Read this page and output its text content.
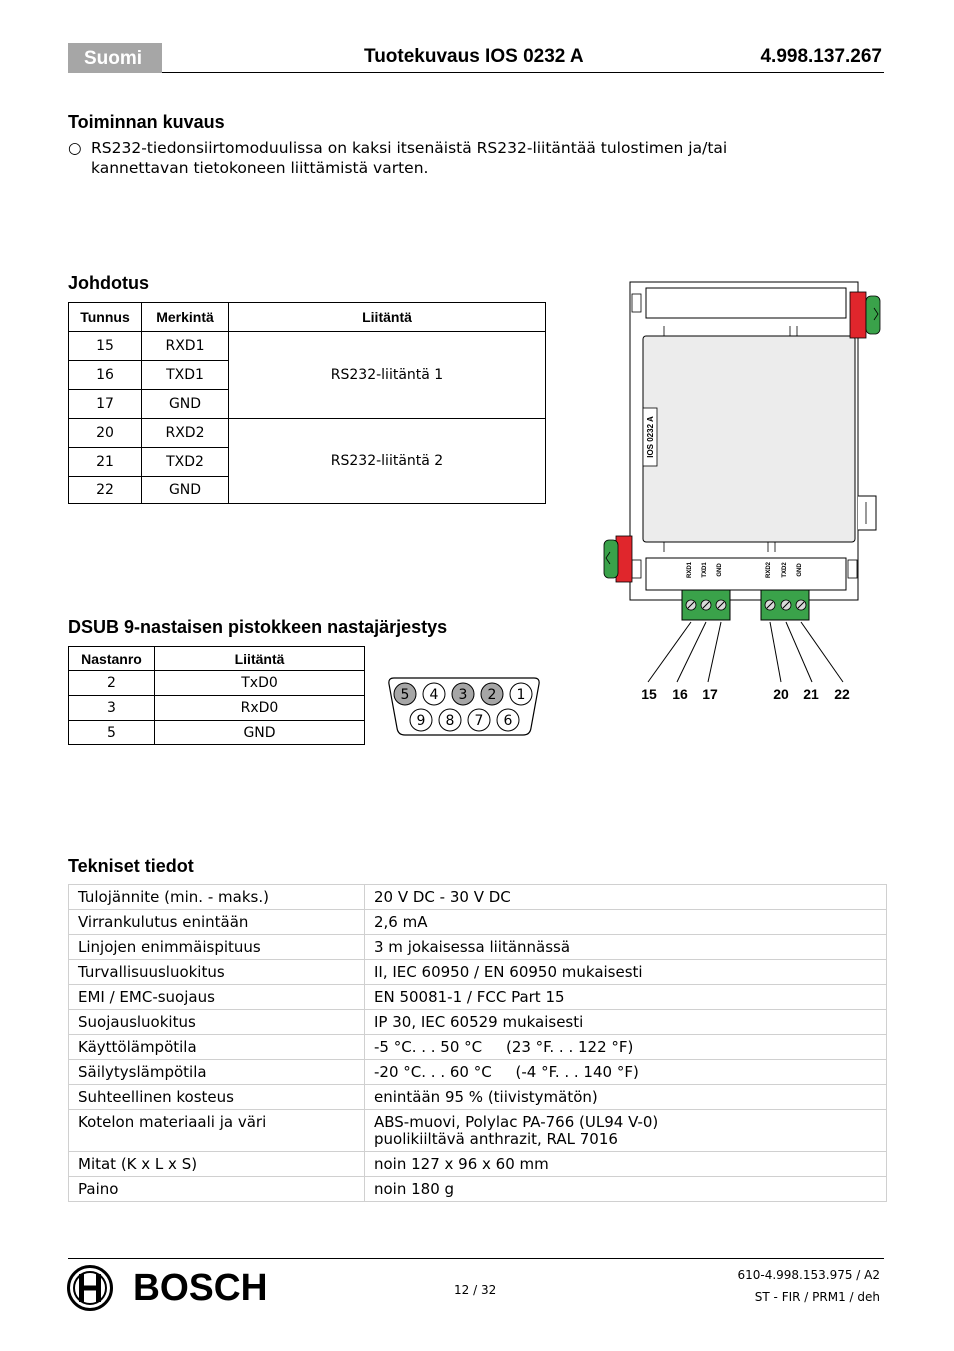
Suomi	Tuotekuvaus IOS 0232 A	4.998.137.267
Toiminnan kuvaus
○ RS232-tiedonsiirtomoduulissa on kaksi itsenäistä RS232-liitäntää tulostimen ja/tai
kannettavan tietokoneen liittämistä varten.
Johdotus
Tunnus	Merkintä	Liitäntä
15	RXD1	RS232-liitäntä 1
16	TXD1	
17	GND	
20	RXD2	RS232-liitäntä 2
21	TXD2	
22	GND	
IOS 0232 A
RXD1 TXD1 GND	RXD2 TXD2 GND
15 16 17	20 21 22
DSUB 9-nastaisen pistokkeen nastajärjestys
Nastanro	Liitäntä
2	TxD0
3	RxD0
5	GND
5 4 3 2 1
9 8 7 6
Tekniset tiedot
Tulojännite (min. - maks.)	20 V DC - 30 V DC
Virrankulutus enintään	2,6 mA
Linjojen enimmäispituus	3 m jokaisessa liitännässä
Turvallisuusluokitus	II, IEC 60950 / EN 60950 mukaisesti
EMI / EMC-suojaus	EN 50081-1 / FCC Part 15
Suojausluokitus	IP 30, IEC 60529 mukaisesti
Käyttölämpötila	-5 °C. . . 50 °C     (23 °F. . . 122 °F)
Säilytyslämpötila	-20 °C. . . 60 °C     (-4 °F. . . 140 °F)
Suhteellinen kosteus	enintään 95 % (tiivistymätön)
Kotelon materiaali ja väri	ABS-muovi, Polylac PA-766 (UL94 V-0)
puolikiiltävä anthrazit, RAL 7016

Mitat (K x L x S)	noin 127 x 96 x 60 mm
Paino	noin 180 g
BOSCH	12 / 32
610-4.998.153.975 / A2
ST - FIR / PRM1 / deh
